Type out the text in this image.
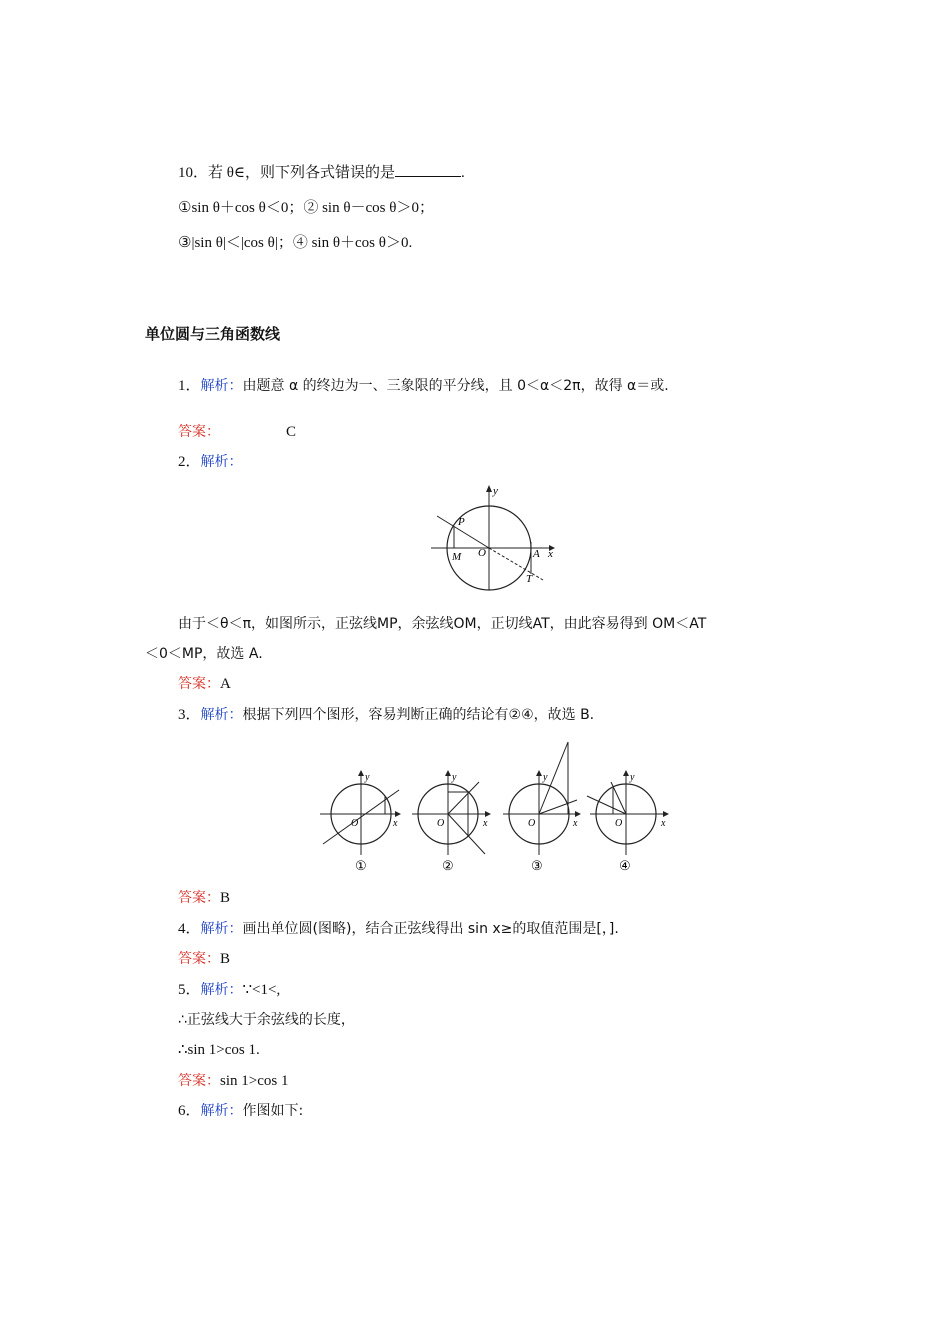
10．若 θ∈，则下列各式错误的是	.
①sin θ＋cos θ＜0；② sin θ－cos θ＞0；
③|sin θ|＜|cos θ|；④ sin θ＋cos θ＞0.
单位圆与三角函数线
1．解析：由题意 α 的终边为一、三象限的平分线，且 0＜α＜2π，故得 α＝或.
答案：	C
2．解析：
y
P
M O	A x
T
由于＜θ＜π，如图所示，正弦线MP，余弦线OM，正切线AT，由此容易得到 OM＜AT
＜0＜MP，故选 A.
答案：A
3．解析：根据下列四个图形，容易判断正确的结论有②④，故选 B.
y
O	x
y
O	x
y
O	x
y
O	x
①	②	③	④
答案：B
4．解析：画出单位圆(图略)，结合正弦线得出 sin x≥的取值范围是[，].
答案：B
5．解析：∵<1<,
∴正弦线大于余弦线的长度，
∴sin 1>cos 1.
答案：sin 1>cos 1
6．解析：作图如下:
